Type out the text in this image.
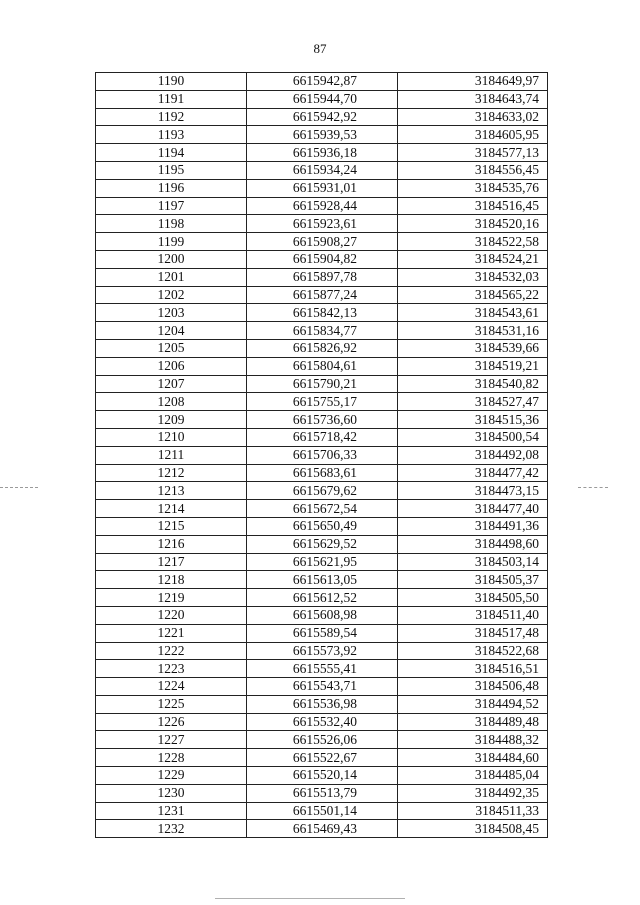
87
1190	6615942,87	3184649,97
1191	6615944,70	3184643,74
1192	6615942,92	3184633,02
1193	6615939,53	3184605,95
1194	6615936,18	3184577,13
1195	6615934,24	3184556,45
1196	6615931,01	3184535,76
1197	6615928,44	3184516,45
1198	6615923,61	3184520,16
1199	6615908,27	3184522,58
1200	6615904,82	3184524,21
1201	6615897,78	3184532,03
1202	6615877,24	3184565,22
1203	6615842,13	3184543,61
1204	6615834,77	3184531,16
1205	6615826,92	3184539,66
1206	6615804,61	3184519,21
1207	6615790,21	3184540,82
1208	6615755,17	3184527,47
1209	6615736,60	3184515,36
1210	6615718,42	3184500,54
1211	6615706,33	3184492,08
1212	6615683,61	3184477,42
1213	6615679,62	3184473,15
1214	6615672,54	3184477,40
1215	6615650,49	3184491,36
1216	6615629,52	3184498,60
1217	6615621,95	3184503,14
1218	6615613,05	3184505,37
1219	6615612,52	3184505,50
1220	6615608,98	3184511,40
1221	6615589,54	3184517,48
1222	6615573,92	3184522,68
1223	6615555,41	3184516,51
1224	6615543,71	3184506,48
1225	6615536,98	3184494,52
1226	6615532,40	3184489,48
1227	6615526,06	3184488,32
1228	6615522,67	3184484,60
1229	6615520,14	3184485,04
1230	6615513,79	3184492,35
1231	6615501,14	3184511,33
1232	6615469,43	3184508,45
